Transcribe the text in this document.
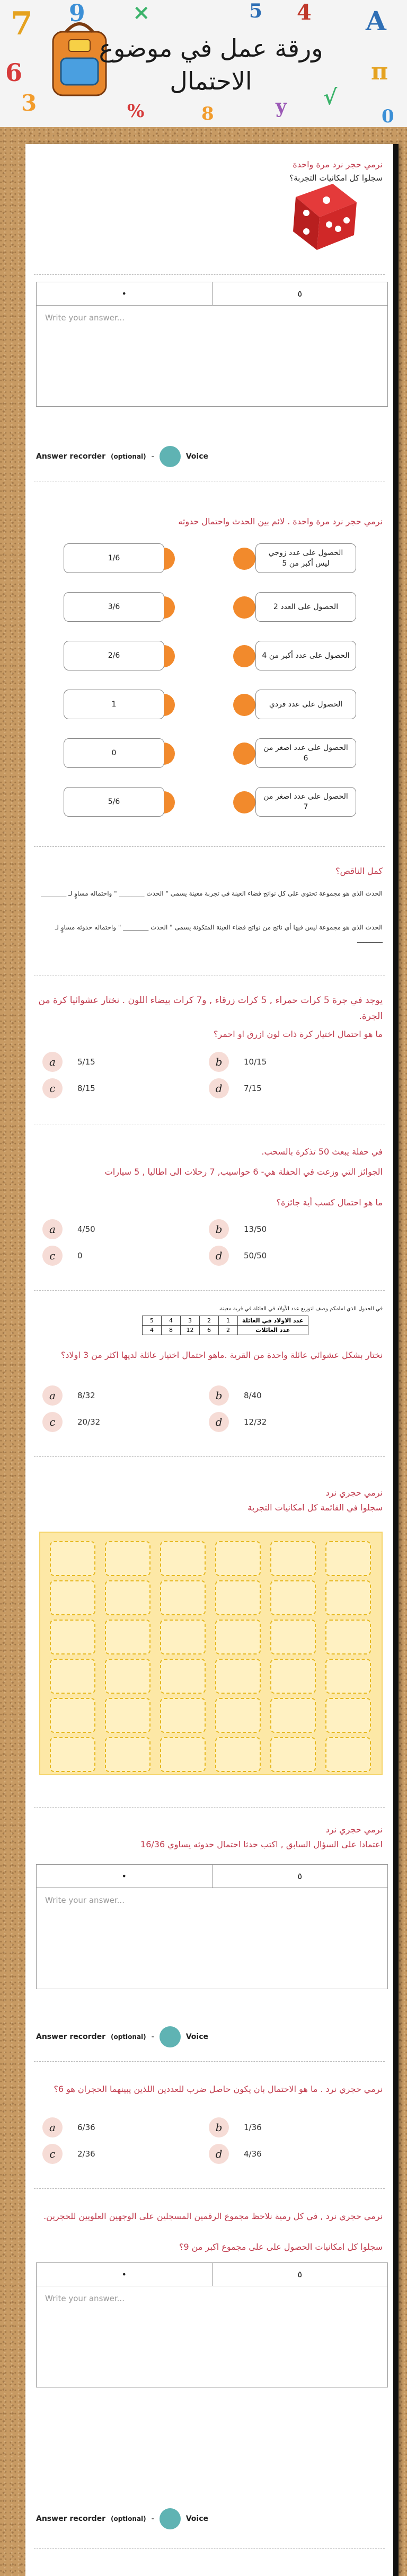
7 9
6
×
3
4 A
π
√
y
%
5
8	0
ورقة عمل في موضوع الاحتمال
نرمي حجر نرد مرة واحدة
سجلوا كل امكانيات التجربة؟
•	٥
Write your answer...
Answer recorder (optional) -	Voice
نرمي حجر نرد مرة واحدة . لائم بين الحدث واحتمال حدوثه
الحصول على عدد زوجي ليس أكبر من 5
1/6
الحصول على العدد 2
3/6
الحصول على عدد أكبر من 4
2/6
الحصول على عدد فردي
1
الحصول على عدد اصغر من 6
0
الحصول على عدد اصغر من 7
5/6
كمل الناقص؟
الحدث الذي هو مجموعة تحتوي على كل نواتج فضاء العينة في تجربة معينة يسمى " الحدث ________ " واحتماله مساوٍ لـ ________
الحدث الذي هو مجموعة ليس فيها أي ناتج من نواتج فضاء العينة المتكونة يسمى " الحدث ________ " واحتماله حدوثه مساوٍ لـ ________
يوجد في جرة 5 كرات حمراء , 5 كرات زرقاء , و7 كرات بيضاء اللون . نختار عشوائيا كرة من الجرة.
ما هو احتمال اختيار كرة ذات لون ازرق او احمر؟
a	5/15	b	10/15
c	8/15	d	7/15
في حفلة يبعث 50 تذكرة بالسحب.
الجوائز التي وزعت في الحفلة هي- 6 حواسيب, 7 رحلات الى اطاليا , 5 سيارات
ما هو احتمال كسب أية جائزة؟
a	4/50	b	13/50
c	0	d	50/50
في الجدول الذي امامكم وصف لتوزيع عدد الأولاد في العائلة في قرية معينة.
5	4	3	2	1	عدد الاولاد في العائلة
4	8	12	6	2	عدد العائلات
نختار بشكل عشوائي عائلة واحدة من القرية .ماهو احتمال اختيار عائلة لديها اكثر من 3 اولاد؟
a	8/32	b	8/40
c	20/32	d	12/32
نرمي حجري نرد
سجلوا في القائمة كل امكانيات التجربة
نرمي حجري نرد
اعتمادا على السؤال السابق , اكتب حدثا احتمال حدوثه يساوي 16/36
•	٥
Write your answer...
Answer recorder (optional) -	Voice
نرمي حجري نرد . ما هو الاحتمال بان يكون حاصل ضرب للعددين اللذين يبينهما الحجران هو 6؟
a	6/36	b	1/36
c	2/36	d	4/36
نرمي حجري نرد , في كل رمية نلاحظ مجموع الرقمين المسجلين على الوجهين العلويين للحجرين.
سجلوا كل امكانيات الحصول على على مجموع اكبر من 9؟
•	٥
Write your answer...
Answer recorder (optional) -	Voice
